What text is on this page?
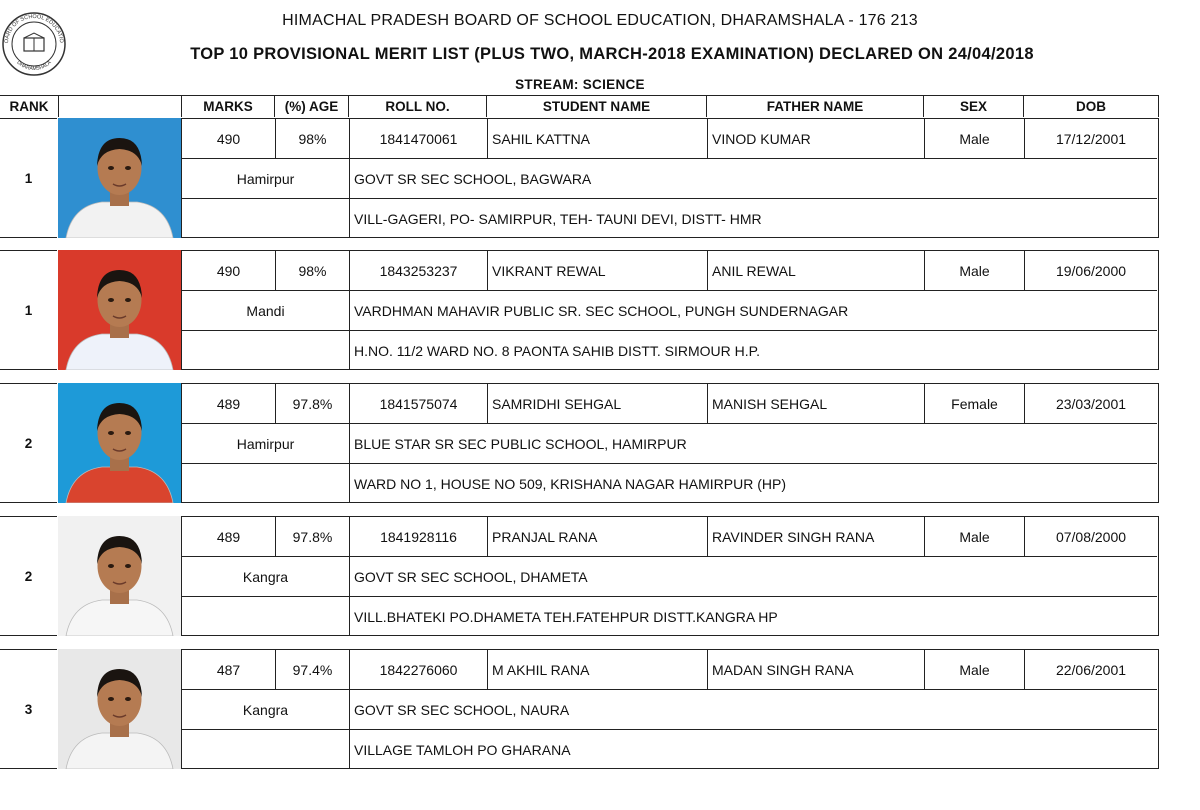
OARD OF SCHOOL EDUCATIO
DHARAMSHALA
HIMACHAL PRADESH BOARD OF SCHOOL EDUCATION, DHARAMSHALA - 176 213
TOP 10 PROVISIONAL MERIT LIST (PLUS TWO, MARCH-2018 EXAMINATION) DECLARED ON 24/04/2018
STREAM: SCIENCE
RANK	MARKS	(%) AGE	ROLL NO.	STUDENT NAME	FATHER NAME	SEX	DOB
1
490	98%	1841470061	SAHIL KATTNA	VINOD KUMAR	Male	17/12/2001
Hamirpur	GOVT SR SEC SCHOOL, BAGWARA
VILL-GAGERI, PO- SAMIRPUR, TEH- TAUNI DEVI, DISTT- HMR
1
490	98%	1843253237	VIKRANT REWAL	ANIL REWAL	Male	19/06/2000
Mandi	VARDHMAN MAHAVIR PUBLIC SR. SEC SCHOOL, PUNGH SUNDERNAGAR
H.NO. 11/2 WARD NO. 8 PAONTA SAHIB DISTT. SIRMOUR H.P.
2
489	97.8%	1841575074	SAMRIDHI SEHGAL	MANISH SEHGAL	Female	23/03/2001
Hamirpur	BLUE STAR SR SEC PUBLIC SCHOOL, HAMIRPUR
WARD NO 1, HOUSE NO 509, KRISHANA NAGAR HAMIRPUR (HP)
2
489	97.8%	1841928116	PRANJAL RANA	RAVINDER SINGH RANA	Male	07/08/2000
Kangra	GOVT SR SEC SCHOOL, DHAMETA
VILL.BHATEKI PO.DHAMETA TEH.FATEHPUR DISTT.KANGRA HP
3
487	97.4%	1842276060	M AKHIL RANA	MADAN SINGH RANA	Male	22/06/2001
Kangra	GOVT SR SEC SCHOOL, NAURA
VILLAGE TAMLOH PO GHARANA
